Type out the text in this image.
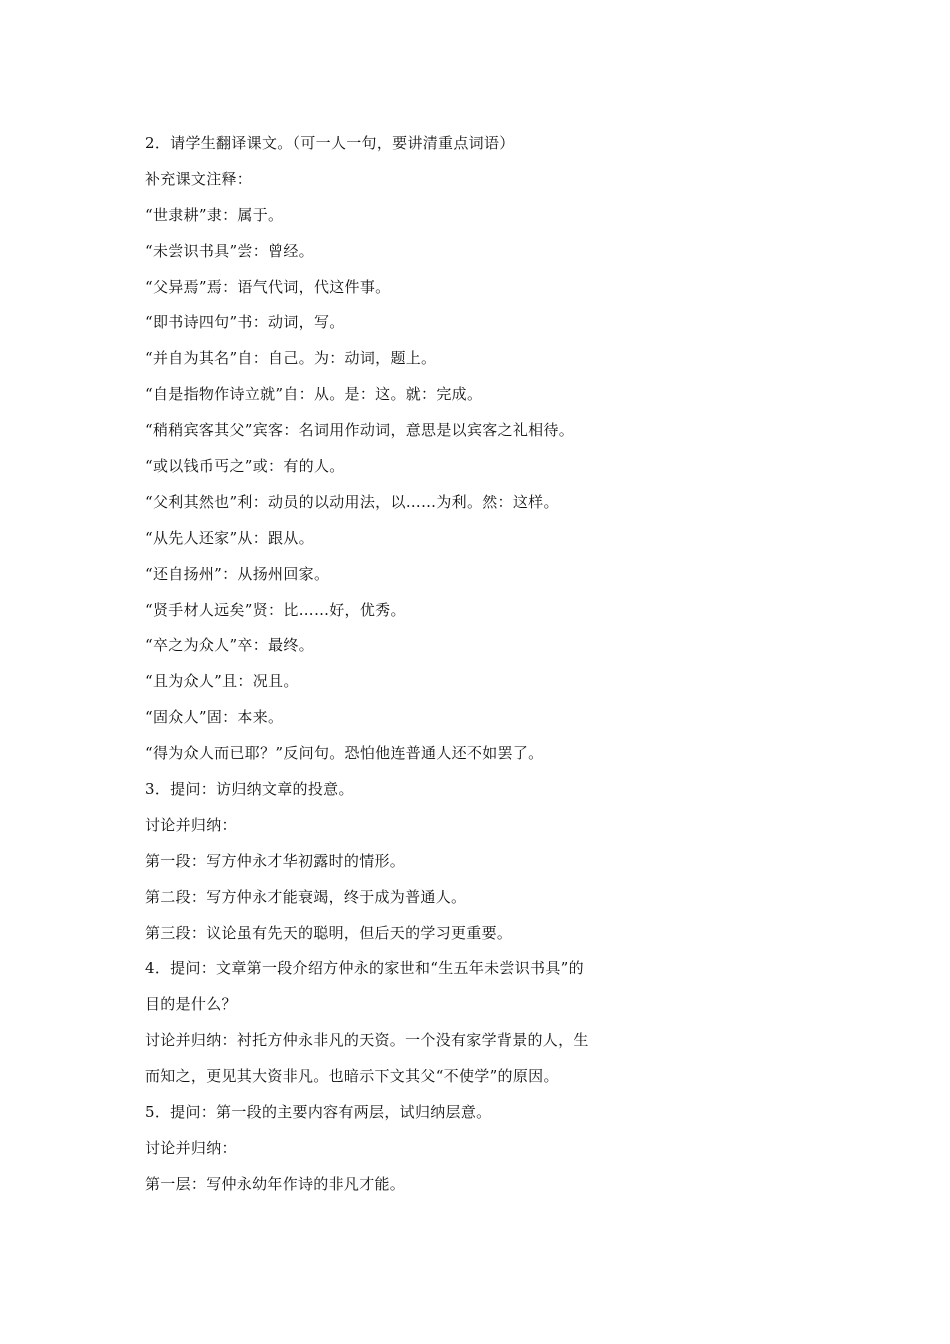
2．请学生翻译课文。（可一人一句，要讲清重点词语）
补充课文注释：
“世隶耕”隶：属于。
“未尝识书具”尝：曾经。
“父异焉”焉：语气代词，代这件事。
“即书诗四句”书：动词，写。
“并自为其名”自：自己。为：动词，题上。
“自是指物作诗立就”自：从。是：这。就：完成。
“稍稍宾客其父”宾客：名词用作动词，意思是以宾客之礼相待。
“或以钱币丐之”或：有的人。
“父利其然也”利：动员的以动用法，以……为利。然：这样。
“从先人还家”从：跟从。
“还自扬州”：从扬州回家。
“贤手材人远矣”贤：比……好，优秀。
“卒之为众人”卒：最终。
“且为众人”且：况且。
“固众人”固：本来。
“得为众人而已耶？”反问句。恐怕他连普通人还不如罢了。
3．提问：访归纳文章的投意。
讨论并归纳：
第一段：写方仲永才华初露时的情形。
第二段：写方仲永才能衰竭，终于成为普通人。
第三段：议论虽有先天的聪明，但后天的学习更重要。
4．提问：文章第一段介绍方仲永的家世和“生五年未尝识书具”的
目的是什么？
讨论并归纳：衬托方仲永非凡的天资。一个没有家学背景的人，生
而知之，更见其大资非凡。也暗示下文其父“不使学”的原因。
5．提问：第一段的主要内容有两层，试归纳层意。
讨论并归纳：
第一层：写仲永幼年作诗的非凡才能。
